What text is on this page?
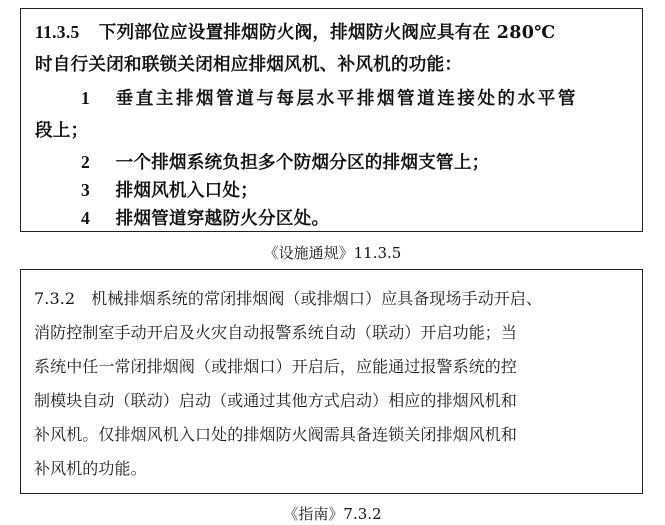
11.3.5 下列部位应设置排烟防火阀，排烟防火阀应具有在 280℃
时自行关闭和联锁关闭相应排烟风机、补风机的功能：
1 垂直主排烟管道与每层水平排烟管道连接处的水平管
段上；
2 一个排烟系统负担多个防烟分区的排烟支管上；
3 排烟风机入口处；
4 排烟管道穿越防火分区处。
《设施通规》11.3.5
7.3.2　机械排烟系统的常闭排烟阀（或排烟口）应具备现场手动开启、
消防控制室手动开启及火灾自动报警系统自动（联动）开启功能；当
系统中任一常闭排烟阀（或排烟口）开启后，应能通过报警系统的控
制模块自动（联动）启动（或通过其他方式启动）相应的排烟风机和
补风机。仅排烟风机入口处的排烟防火阀需具备连锁关闭排烟风机和
补风机的功能。
《指南》7.3.2
